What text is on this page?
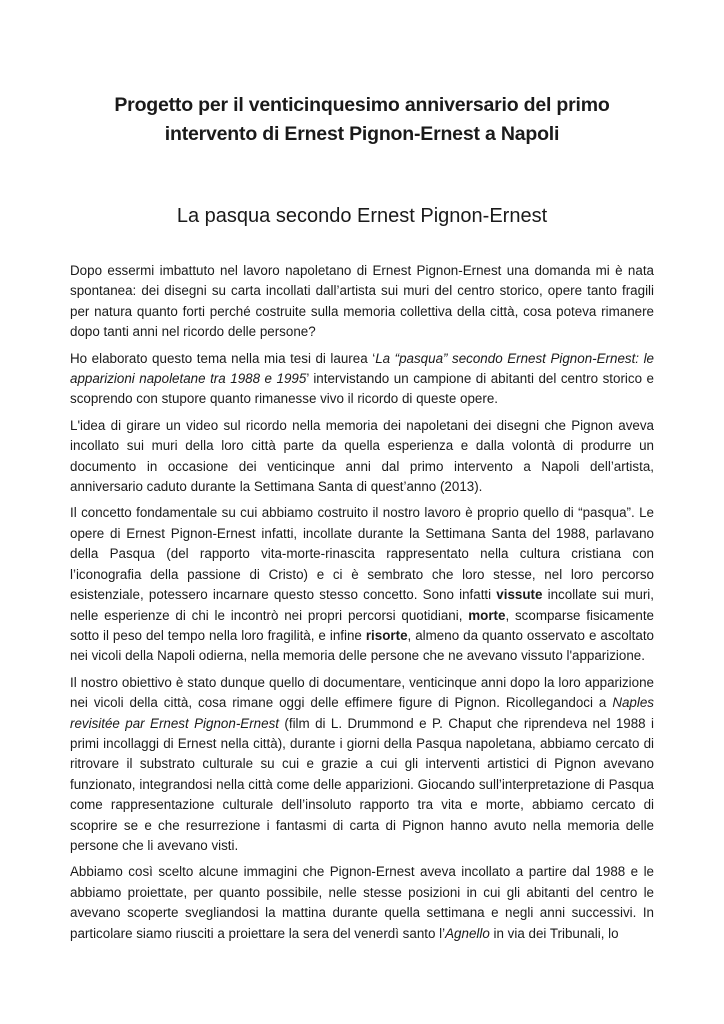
Progetto per il venticinquesimo anniversario del primo
intervento di Ernest Pignon-Ernest a Napoli
La pasqua secondo Ernest Pignon-Ernest

Dopo essermi imbattuto nel lavoro napoletano di Ernest Pignon-Ernest una domanda mi è nata spontanea: dei disegni su carta incollati dall’artista sui muri del centro storico, opere tanto fragili per natura quanto forti perché costruite sulla memoria collettiva della città, cosa poteva rimanere dopo tanti anni nel ricordo delle persone?

Ho elaborato questo tema nella mia tesi di laurea ‘La “pasqua” secondo Ernest Pignon-Ernest: le apparizioni napoletane tra 1988 e 1995’ intervistando un campione di abitanti del centro storico e scoprendo con stupore quanto rimanesse vivo il ricordo di queste opere.

L'idea di girare un video sul ricordo nella memoria dei napoletani dei disegni che Pignon aveva incollato sui muri della loro città parte da quella esperienza e dalla volontà di produrre un documento in occasione dei venticinque anni dal primo intervento a Napoli dell’artista, anniversario caduto durante la Settimana Santa di quest’anno (2013).

Il concetto fondamentale su cui abbiamo costruito il nostro lavoro è proprio quello di “pasqua”. Le opere di Ernest Pignon-Ernest infatti, incollate durante la Settimana Santa del 1988, parlavano della Pasqua (del rapporto vita-morte-rinascita rappresentato nella cultura cristiana con l’iconografia della passione di Cristo) e ci è sembrato che loro stesse, nel loro percorso esistenziale, potessero incarnare questo stesso concetto. Sono infatti vissute incollate sui muri, nelle esperienze di chi le incontrò nei propri percorsi quotidiani, morte, scomparse fisicamente sotto il peso del tempo nella loro fragilità, e infine risorte, almeno da quanto osservato e ascoltato nei vicoli della Napoli odierna, nella memoria delle persone che ne avevano vissuto l'apparizione.

Il nostro obiettivo è stato dunque quello di documentare, venticinque anni dopo la loro apparizione nei vicoli della città, cosa rimane oggi delle effimere figure di Pignon. Ricollegandoci a Naples revisitée par Ernest Pignon-Ernest (film di L. Drummond e P. Chaput che riprendeva nel 1988 i primi incollaggi di Ernest nella città), durante i giorni della Pasqua napoletana, abbiamo cercato di ritrovare il substrato culturale su cui e grazie a cui gli interventi artistici di Pignon avevano funzionato, integrandosi nella città come delle apparizioni. Giocando sull’interpretazione di Pasqua come rappresentazione culturale dell’insoluto rapporto tra vita e morte, abbiamo cercato di scoprire se e che resurrezione i fantasmi di carta di Pignon hanno avuto nella memoria delle persone che li avevano visti.

Abbiamo così scelto alcune immagini che Pignon-Ernest aveva incollato a partire dal 1988 e le abbiamo proiettate, per quanto possibile, nelle stesse posizioni in cui gli abitanti del centro le avevano scoperte svegliandosi la mattina durante quella settimana e negli anni successivi. In particolare siamo riusciti a proiettare la sera del venerdì santo l’Agnello in via dei Tribunali, lo
